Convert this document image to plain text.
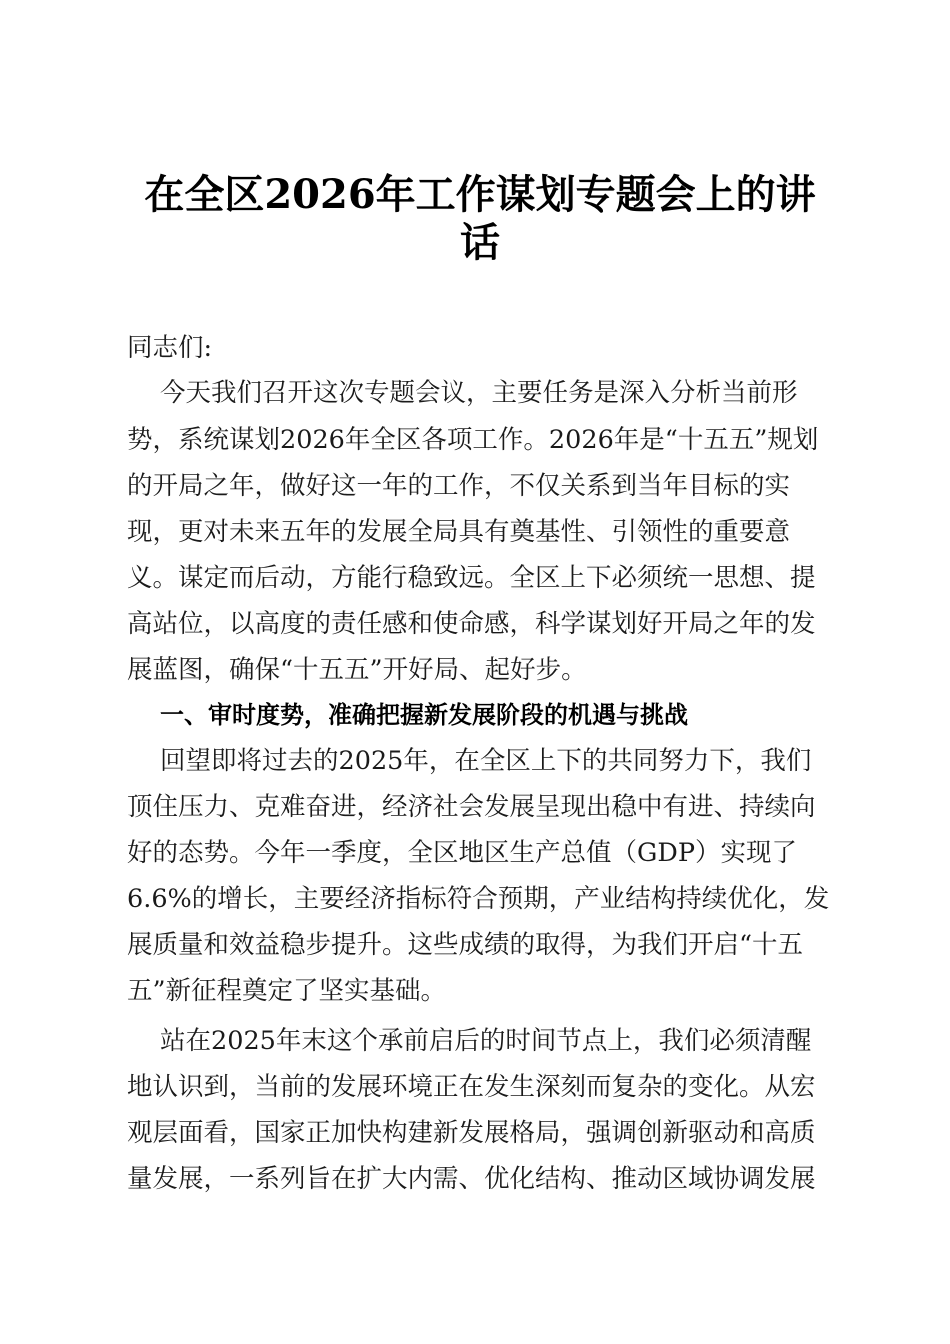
在全区2026年工作谋划专题会上的讲
话
同志们:
今天我们召开这次专题会议，主要任务是深入分析当前形
势，系统谋划2026年全区各项工作。2026年是“十五五”规划
的开局之年，做好这一年的工作，不仅关系到当年目标的实
现，更对未来五年的发展全局具有奠基性、引领性的重要意
义。谋定而后动，方能行稳致远。全区上下必须统一思想、提
高站位，以高度的责任感和使命感，科学谋划好开局之年的发
展蓝图，确保“十五五”开好局、起好步。
一、审时度势，准确把握新发展阶段的机遇与挑战
回望即将过去的2025年，在全区上下的共同努力下，我们
顶住压力、克难奋进，经济社会发展呈现出稳中有进、持续向
好的态势。今年一季度，全区地区生产总值（GDP）实现了
6.6%的增长，主要经济指标符合预期，产业结构持续优化，发
展质量和效益稳步提升。这些成绩的取得，为我们开启“十五
五”新征程奠定了坚实基础。
站在2025年末这个承前启后的时间节点上，我们必须清醒
地认识到，当前的发展环境正在发生深刻而复杂的变化。从宏
观层面看，国家正加快构建新发展格局，强调创新驱动和高质
量发展，一系列旨在扩大内需、优化结构、推动区域协调发展
